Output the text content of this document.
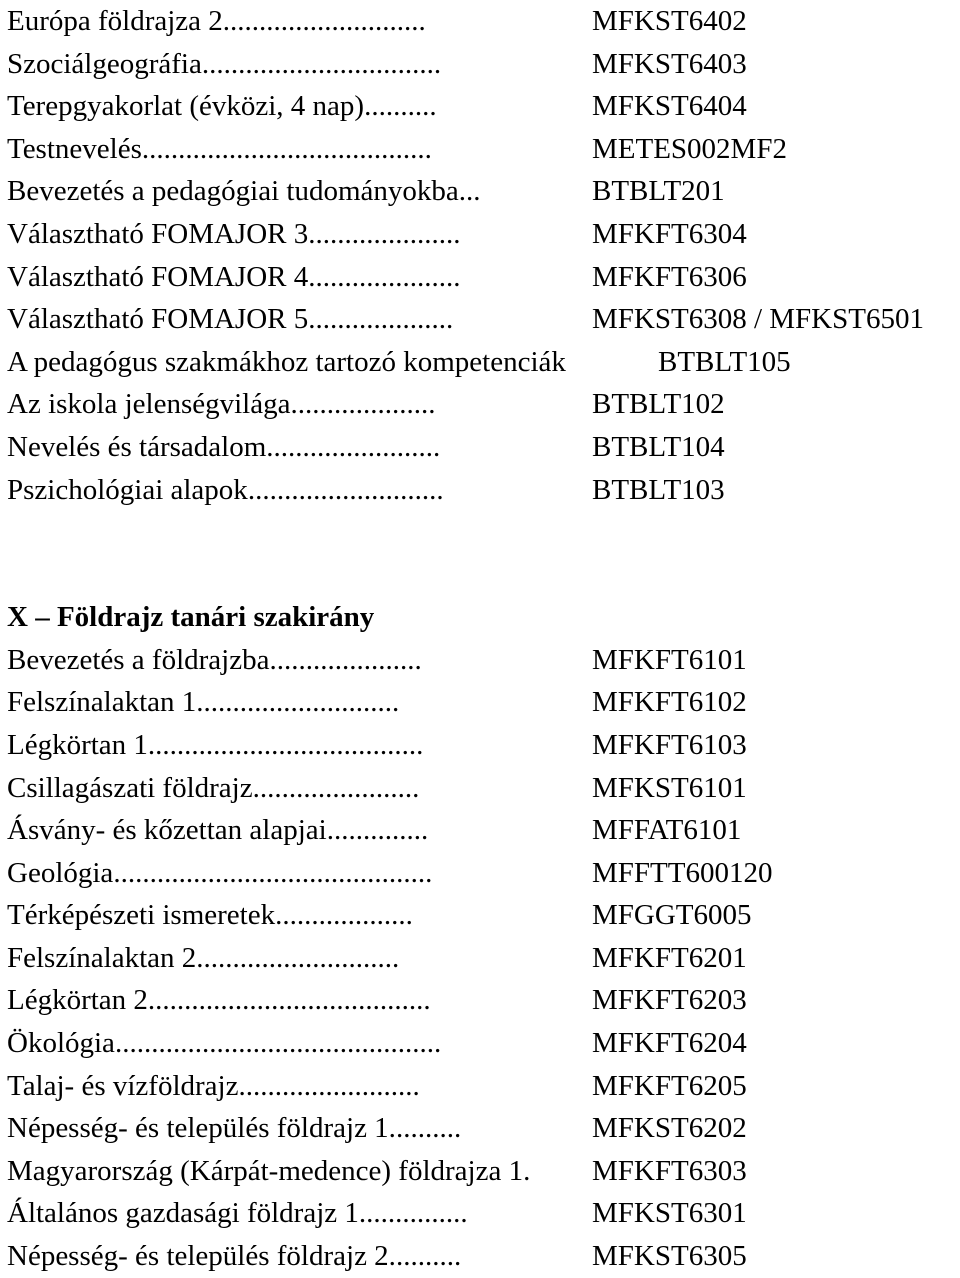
Európa földrajza 2............................	MFKST6402
Szociálgeográfia.................................	MFKST6403
Terepgyakorlat (évközi, 4 nap)..........	MFKST6404
Testnevelés........................................	METES002MF2
Bevezetés a pedagógiai tudományokba...	BTBLT201
Választható FOMAJOR 3.....................	MFKFT6304
Választható FOMAJOR 4.....................	MFKFT6306
Választható FOMAJOR 5....................	MFKST6308 / MFKST6501
A pedagógus szakmákhoz tartozó kompetenciák	BTBLT105
Az iskola jelenségvilága....................	BTBLT102
Nevelés és társadalom........................	BTBLT104
Pszichológiai alapok...........................	BTBLT103
X – Földrajz tanári szakirány
Bevezetés a földrajzba.....................	MFKFT6101
Felszínalaktan 1............................	MFKFT6102
Légkörtan 1......................................	MFKFT6103
Csillagászati földrajz.......................	MFKST6101
Ásvány- és kőzettan alapjai..............	MFFAT6101
Geológia............................................	MFFTT600120
Térképészeti ismeretek...................	MFGGT6005
Felszínalaktan 2............................	MFKFT6201
Légkörtan 2.......................................	MFKFT6203
Ökológia.............................................	MFKFT6204
Talaj- és vízföldrajz.........................	MFKFT6205
Népesség- és település földrajz 1..........	MFKST6202
Magyarország (Kárpát-medence) földrajza 1. MFKFT6303
Általános gazdasági földrajz 1...............	MFKST6301
Népesség- és település földrajz 2..........	MFKST6305
